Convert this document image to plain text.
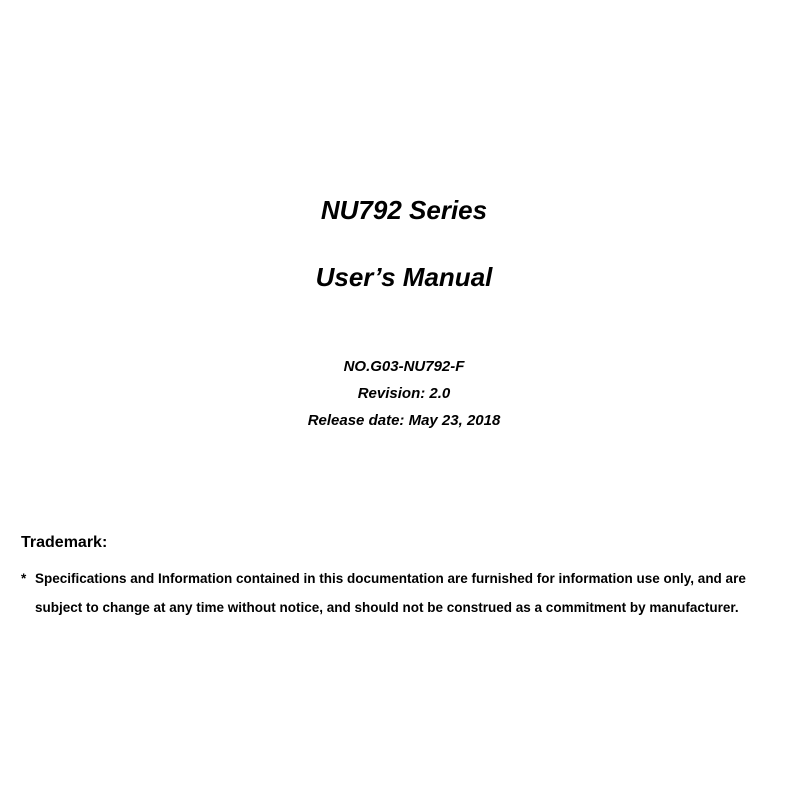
NU792 Series
User’s Manual

NO.G03-NU792-F

Revision: 2.0

Release date: May 23, 2018

Trademark:
* Specifications and Information contained in this documentation are furnished for information use only, and are
subject to change at any time without notice, and should not be construed as a commitment by manufacturer.
